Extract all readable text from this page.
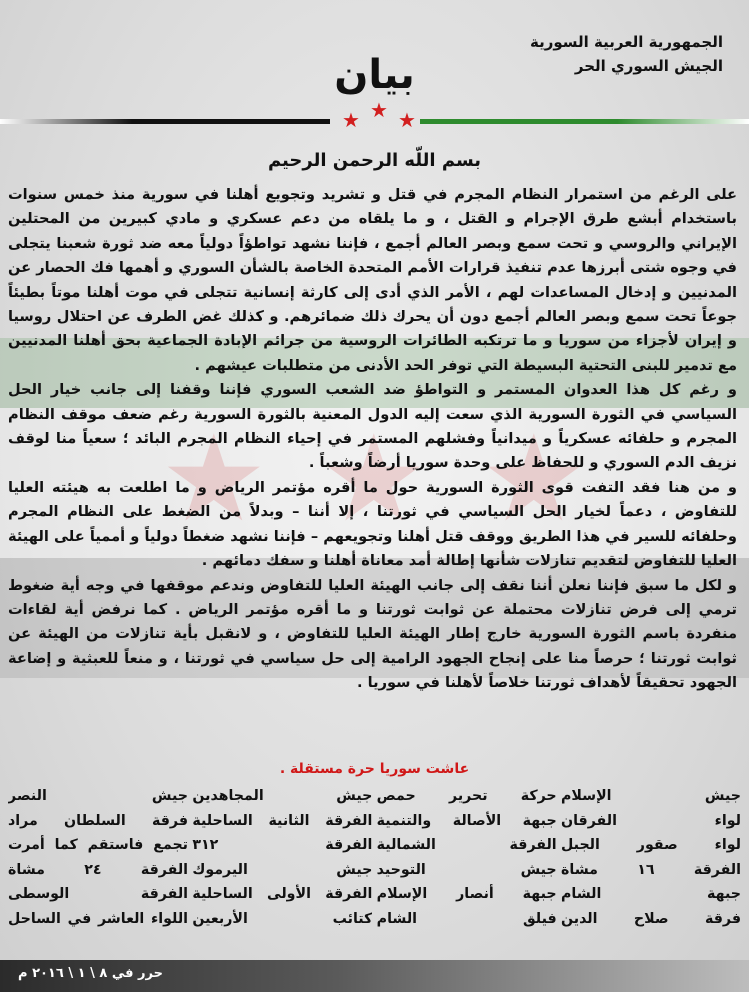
★ ★ ★
الجمهورية العربية السورية
الجيش السوري الحر
بيان
★ ★ ★
بسم اللّه الرحمن الرحيم

على الرغم من استمرار النظام المجرم في قتل و تشريد وتجويع أهلنا في سورية منذ خمس سنوات باستخدام أبشع طرق الإجرام و القتل ، و ما يلقاه من دعم عسكري و مادي كبيرين من المحتلين الإيراني والروسي و تحت سمع وبصر العالم أجمع ، فإننا نشهد تواطؤاً دولياً معه ضد ثورة شعبنا يتجلى في وجوه شتى أبرزها عدم تنفيذ قرارات الأمم المتحدة الخاصة بالشأن السوري و أهمها فك الحصار عن المدنيين و إدخال المساعدات لهم ، الأمر الذي أدى إلى كارثة إنسانية تتجلى في موت أهلنا موتاً بطيئاً جوعاً تحت سمع وبصر العالم أجمع دون أن يحرك ذلك ضمائرهم. و كذلك غض الطرف عن احتلال روسيا و إيران لأجزاء من سوريا و ما ترتكبه الطائرات الروسية من جرائم الإبادة الجماعية بحق أهلنا المدنيين مع تدمير للبنى التحتية البسيطة التي توفر الحد الأدنى من متطلبات عيشهم .

و رغم كل هذا العدوان المستمر و التواطؤ ضد الشعب السوري فإننا وقفنا إلى جانب خيار الحل السياسي في الثورة السورية الذي سعت إليه الدول المعنية بالثورة السورية رغم ضعف موقف النظام المجرم و حلفائه عسكرياً و ميدانياً وفشلهم المستمر في إحياء النظام المجرم البائد ؛ سعياً منا لوقف نزيف الدم السوري و للحفاظ على وحدة سوريا أرضاً وشعباً .

و من هنا فقد التفت قوى الثورة السورية حول ما أقره مؤتمر الرياض و ما اطلعت به هيئته العليا للتفاوض ، دعماً لخيار الحل السياسي في ثورتنا ، إلا أننا – وبدلاً من الضغط على النظام المجرم وحلفائه للسير في هذا الطريق ووقف قتل أهلنا وتجويعهم – فإننا نشهد ضغطاً دولياً و أممياً على الهيئة العليا للتفاوض لتقديم تنازلات شأنها إطالة أمد معاناة أهلنا و سفك دمائهم .

و لكل ما سبق فإننا نعلن أننا نقف إلى جانب الهيئة العليا للتفاوض وندعم موقفها في وجه أية ضغوط ترمي إلى فرض تنازلات محتملة عن ثوابت ثورتنا و ما أقره مؤتمر الرياض . كما نرفض أية لقاءات منفردة باسم الثورة السورية خارج إطار الهيئة العليا للتفاوض ، و لانقبل بأية تنازلات من الهيئة عن ثوابت ثورتنا ؛ حرصاً منا على إنجاح الجهود الرامية إلى حل سياسي في ثورتنا ، و منعاً للعبثية و إضاعة الجهود تحقيقاً لأهداف ثورتنا خلاصاً لأهلنا في سوريا .

عاشت سوريا حرة مستقلة .
جيش الإسلام
حركة تحرير حمص
جيش المجاهدين
جيش النصر
لواء الفرقان
جبهة الأصالة والتنمية
الفرقة الثانية الساحلية
فرقة السلطان مراد
لواء صقور الجبل
الفرقة الشمالية
الفرقة ٣١٢
تجمع فاستقم كما أمرت
الفرقة ١٦ مشاة
جيش التوحيد
جيش اليرموك
الفرقة ٢٤ مشاة
جبهة الشام
جبهة أنصار الإسلام
الفرقة الأولى الساحلية
الفرقة الوسطى
فرقة صلاح الدين
فيلق الشام
كتائب الأربعين
اللواء العاشر في الساحل
حرر في ٨ \ ١ \ ٢٠١٦ م
